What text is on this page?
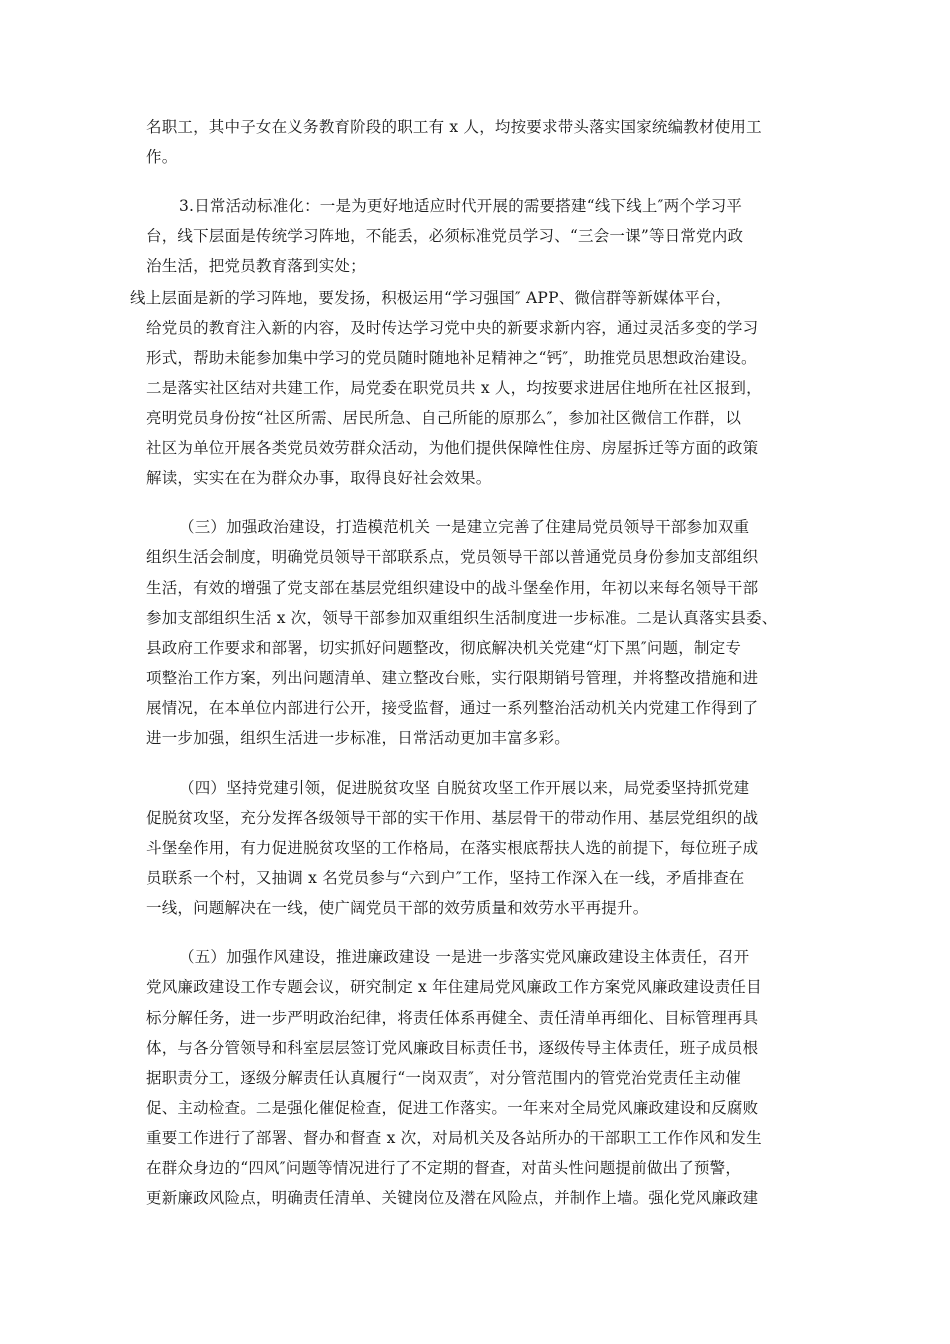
名职工，其中子女在义务教育阶段的职工有 x 人，均按要求带头落实国家统编教材使用工
作。
3.日常活动标准化：一是为更好地适应时代开展的需要搭建“线下线上″两个学习平
台，线下层面是传统学习阵地，不能丢，必须标准党员学习、“三会一课”等日常党内政
治生活，把党员教育落到实处；
线上层面是新的学习阵地，要发扬，积极运用“学习强国″ APP、微信群等新媒体平台，
给党员的教育注入新的内容，及时传达学习党中央的新要求新内容，通过灵活多变的学习
形式，帮助未能参加集中学习的党员随时随地补足精神之“钙″，助推党员思想政治建设。
二是落实社区结对共建工作，局党委在职党员共 x 人，均按要求进居住地所在社区报到，
亮明党员身份按“社区所需、居民所急、自己所能的原那么″，参加社区微信工作群，以
社区为单位开展各类党员效劳群众活动，为他们提供保障性住房、房屋拆迁等方面的政策
解读，实实在在为群众办事，取得良好社会效果。
（三）加强政治建设，打造模范机关 一是建立完善了住建局党员领导干部参加双重
组织生活会制度，明确党员领导干部联系点，党员领导干部以普通党员身份参加支部组织
生活，有效的增强了党支部在基层党组织建设中的战斗堡垒作用，年初以来每名领导干部
参加支部组织生活 x 次，领导干部参加双重组织生活制度进一步标准。二是认真落实县委、
县政府工作要求和部署，切实抓好问题整改，彻底解决机关党建“灯下黑″问题，制定专
项整治工作方案，列出问题清单、建立整改台账，实行限期销号管理，并将整改措施和进
展情况，在本单位内部进行公开，接受监督，通过一系列整治活动机关内党建工作得到了
进一步加强，组织生活进一步标准，日常活动更加丰富多彩。
（四）坚持党建引领，促进脱贫攻坚 自脱贫攻坚工作开展以来，局党委坚持抓党建
促脱贫攻坚，充分发挥各级领导干部的实干作用、基层骨干的带动作用、基层党组织的战
斗堡垒作用，有力促进脱贫攻坚的工作格局，在落实根底帮扶人选的前提下，每位班子成
员联系一个村，又抽调 x 名党员参与“六到户″工作，坚持工作深入在一线，矛盾排查在
一线，问题解决在一线，使广阔党员干部的效劳质量和效劳水平再提升。
（五）加强作风建设，推进廉政建设 一是进一步落实党风廉政建设主体责任，召开
党风廉政建设工作专题会议，研究制定 x 年住建局党风廉政工作方案党风廉政建设责任目
标分解任务，进一步严明政治纪律，将责任体系再健全、责任清单再细化、目标管理再具
体，与各分管领导和科室层层签订党风廉政目标责任书，逐级传导主体责任，班子成员根
据职责分工，逐级分解责任认真履行“一岗双责″，对分管范围内的管党治党责任主动催
促、主动检查。二是强化催促检查，促进工作落实。一年来对全局党风廉政建设和反腐败
重要工作进行了部署、督办和督查 x 次，对局机关及各站所办的干部职工工作作风和发生
在群众身边的“四风″问题等情况进行了不定期的督查，对苗头性问题提前做出了预警，
更新廉政风险点，明确责任清单、关键岗位及潜在风险点，并制作上墙。强化党风廉政建
